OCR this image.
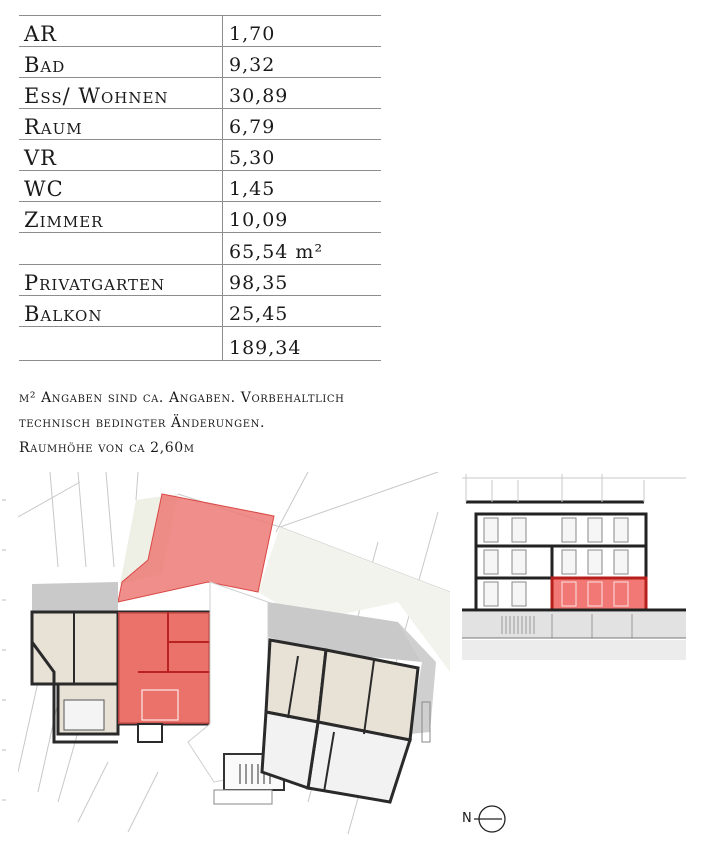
AR	1,70
Bad	9,32
Ess/ Wohnen	30,89
Raum	6,79
VR	5,30
WC	1,45
Zimmer	10,09
	65,54 m²
Privatgarten	98,35
Balkon	25,45
	189,34
m² Angaben sind ca. Angaben. Vorbehaltlich
technisch bedingter Änderungen.
Raumhöhe von ca 2,60m
N
